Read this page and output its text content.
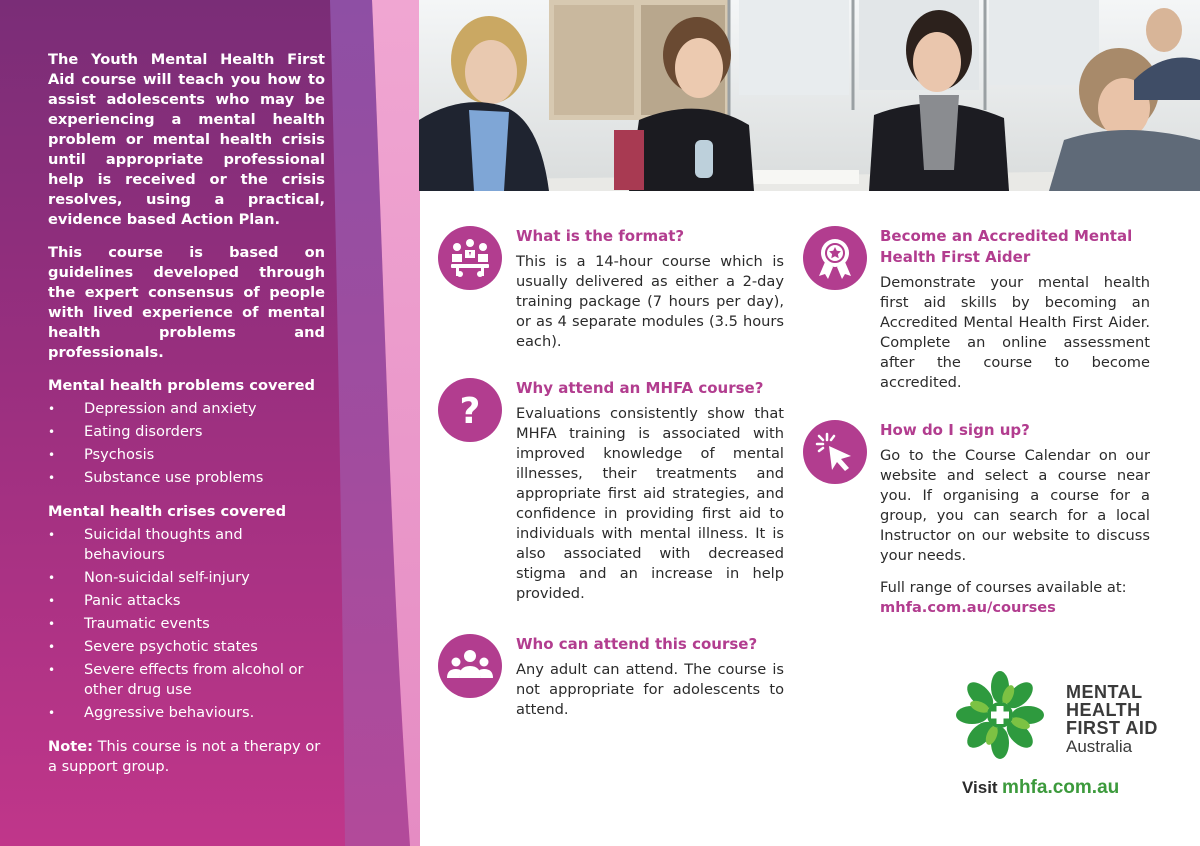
The Youth Mental Health First Aid course will teach you how to assist adolescents who may be experiencing a mental health problem or mental health crisis until appropriate professional help is received or the crisis resolves, using a practical, evidence based Action Plan.

This course is based on guidelines developed through the expert consensus of people with lived experience of mental health problems and professionals.

Mental health problems covered
• Depression and anxiety
• Eating disorders
• Psychosis
• Substance use problems
Mental health crises covered
• Suicidal thoughts and behaviours
• Non-suicidal self-injury
• Panic attacks
• Traumatic events
• Severe psychotic states
• Severe effects from alcohol or other drug use
• Aggressive behaviours.

Note: This course is not a therapy or a support group.

What is the format?

This is a 14-hour course which is usually delivered as either a 2-day training package (7 hours per day), or as 4 separate modules (3.5 hours each).

?
Why attend an MHFA course?

Evaluations consistently show that MHFA training is associated with improved knowledge of mental illnesses, their treatments and appropriate first aid strategies, and confidence in providing first aid to individuals with mental illness. It is also associated with decreased stigma and an increase in help provided.

Who can attend this course?

Any adult can attend. The course is not appropriate for adolescents to attend.

Become an Accredited Mental Health First Aider

Demonstrate your mental health first aid skills by becoming an Accredited Mental Health First Aider. Complete an online assessment after the course to become accredited.

How do I sign up?

Go to the Course Calendar on our website and select a course near you. If organising a course for a group, you can search for a local Instructor on our website to discuss your needs.

Full range of courses available at:

mhfa.com.au/courses
MENTAL
HEALTH
FIRST AID
Australia
Visit mhfa.com.au
